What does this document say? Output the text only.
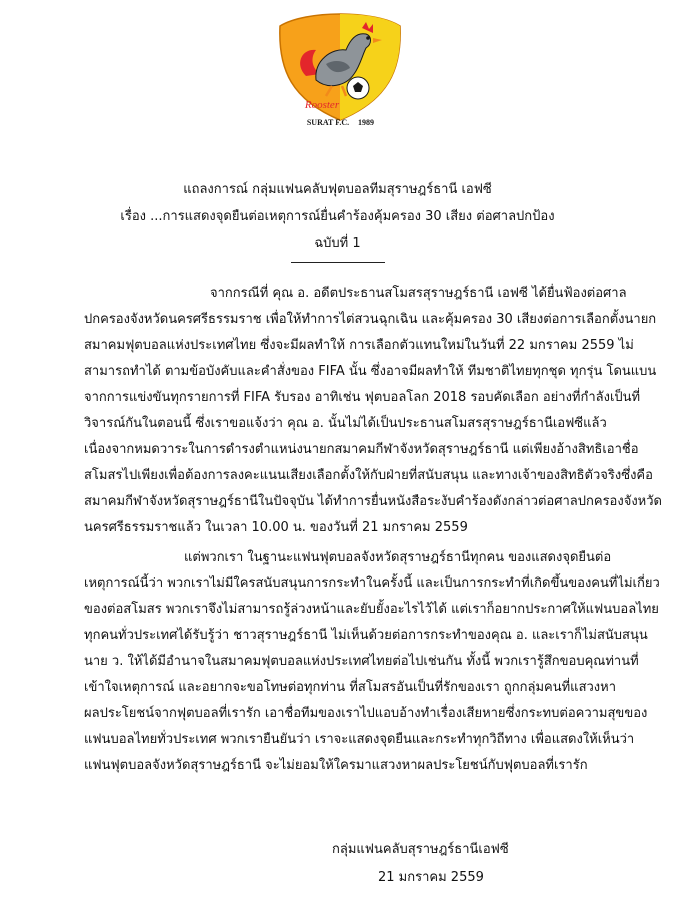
Rooster
SURAT F.C. 1989
แถลงการณ์ กลุ่มแฟนคลับฟุตบอลทีมสุราษฎร์ธานี เอฟซี
เรื่อง ...การแสดงจุดยืนต่อเหตุการณ์ยื่นคำร้องคุ้มครอง 30 เสียง ต่อศาลปกป้อง
ฉบับที่ 1
จากกรณีที่ คุณ อ. อดีตประธานสโมสรสุราษฎร์ธานี เอฟซี ได้ยื่นฟ้องต่อศาล
ปกครองจังหวัดนครศรีธรรมราช เพื่อให้ทำการไต่สวนฉุกเฉิน และคุ้มครอง 30 เสียงต่อการเลือกตั้งนายก
สมาคมฟุตบอลแห่งประเทศไทย ซึ่งจะมีผลทำให้ การเลือกตัวแทนใหม่ในวันที่ 22 มกราคม 2559 ไม่
สามารถทำได้ ตามข้อบังคับและคำสั่งของ FIFA นั้น ซึ่งอาจมีผลทำให้ ทีมชาติไทยทุกชุด ทุกรุ่น โดนแบน
จากการแข่งขันทุกรายการที่ FIFA รับรอง อาทิเช่น ฟุตบอลโลก 2018 รอบคัดเลือก อย่างที่กำลังเป็นที่
วิจารณ์กันในตอนนี้ ซึ่งเราขอแจ้งว่า คุณ อ. นั้นไม่ได้เป็นประธานสโมสรสุราษฎร์ธานีเอฟซีแล้ว
เนื่องจากหมดวาระในการดำรงตำแหน่งนายกสมาคมกีฬาจังหวัดสุราษฎร์ธานี แต่เพียงอ้างสิทธิเอาชื่อ
สโมสรไปเพียงเพื่อต้องการลงคะแนนเสียงเลือกตั้งให้กับฝ่ายที่สนับสนุน และทางเจ้าของสิทธิตัวจริงซึ่งคือ
สมาคมกีฬาจังหวัดสุราษฎร์ธานีในปัจจุบัน ได้ทำการยื่นหนังสือระงับคำร้องดังกล่าวต่อศาลปกครองจังหวัด
นครศรีธรรมราชแล้ว ในเวลา 10.00 น. ของวันที่ 21 มกราคม 2559
แต่พวกเรา ในฐานะแฟนฟุตบอลจังหวัดสุราษฎร์ธานีทุกคน ของแสดงจุดยืนต่อ
เหตุการณ์นี้ว่า พวกเราไม่มีใครสนับสนุนการกระทำในครั้งนี้ และเป็นการกระทำที่เกิดขึ้นของคนที่ไม่เกี่ยว
ของต่อสโมสร พวกเราจึงไม่สามารถรู้ล่วงหน้าและยับยั้งอะไรไว้ได้ แต่เราก็อยากประกาศให้แฟนบอลไทย
ทุกคนทั่วประเทศได้รับรู้ว่า ชาวสุราษฎร์ธานี ไม่เห็นด้วยต่อการกระทำของคุณ อ. และเราก็ไม่สนับสนุน
นาย ว. ให้ได้มีอำนาจในสมาคมฟุตบอลแห่งประเทศไทยต่อไปเช่นกัน ทั้งนี้ พวกเรารู้สึกขอบคุณท่านที่
เข้าใจเหตุการณ์ และอยากจะขอโทษต่อทุกท่าน ที่สโมสรอันเป็นที่รักของเรา ถูกกลุ่มคนที่แสวงหา
ผลประโยชน์จากฟุตบอลที่เรารัก เอาชื่อทีมของเราไปแอบอ้างทำเรื่องเสียหายซึ่งกระทบต่อความสุขของ
แฟนบอลไทยทั่วประเทศ พวกเรายืนยันว่า เราจะแสดงจุดยืนและกระทำทุกวิถีทาง เพื่อแสดงให้เห็นว่า
แฟนฟุตบอลจังหวัดสุราษฎร์ธานี จะไม่ยอมให้ใครมาแสวงหาผลประโยชน์กับฟุตบอลที่เรารัก
กลุ่มแฟนคลับสุราษฎร์ธานีเอฟซี
21 มกราคม 2559
